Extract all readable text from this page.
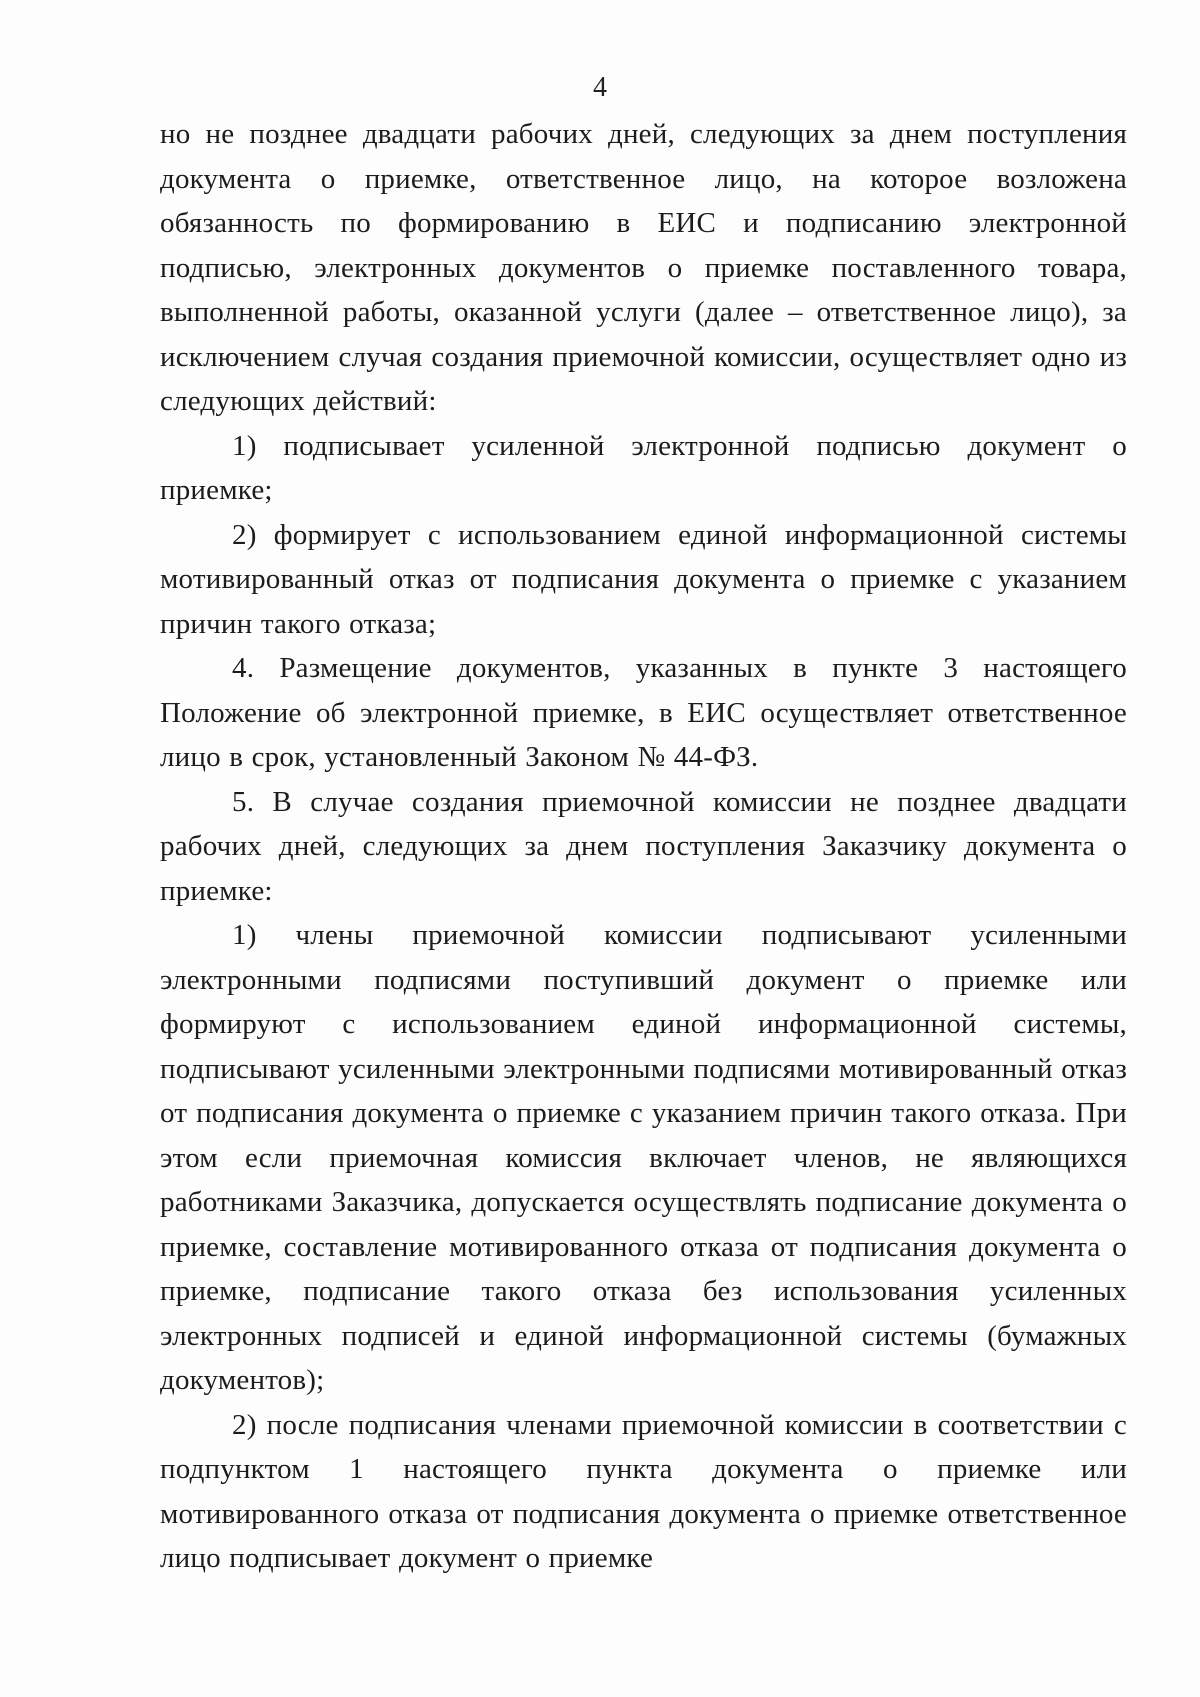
4

но не позднее двадцати рабочих дней, следующих за днем поступления документа о приемке, ответственное лицо, на которое возложена обязанность по формированию в ЕИС и подписанию электронной подписью, электронных документов о приемке поставленного товара, выполненной работы, оказанной услуги (далее – ответственное лицо), за исключением случая создания приемочной комиссии, осуществляет одно из следующих действий:

1) подписывает усиленной электронной подписью документ о приемке;

2) формирует с использованием единой информационной системы мотивированный отказ от подписания документа о приемке с указанием причин такого отказа;

4. Размещение документов, указанных в пункте 3 настоящего Положение об электронной приемке, в ЕИС осуществляет ответственное лицо в срок, установленный Законом № 44-ФЗ.

5. В случае создания приемочной комиссии не позднее двадцати рабочих дней, следующих за днем поступления Заказчику документа о приемке:

1) члены приемочной комиссии подписывают усиленными электронными подписями поступивший документ о приемке или формируют с использованием единой информационной системы, подписывают усиленными электронными подписями мотивированный отказ от подписания документа о приемке с указанием причин такого отказа. При этом если приемочная комиссия включает членов, не являющихся работниками Заказчика, допускается осуществлять подписание документа о приемке, составление мотивированного отказа от подписания документа о приемке, подписание такого отказа без использования усиленных электронных подписей и единой информационной системы (бумажных документов);

2) после подписания членами приемочной комиссии в соответствии с подпунктом 1 настоящего пункта документа о приемке или мотивированного отказа от подписания документа о приемке ответственное лицо подписывает документ о приемке
